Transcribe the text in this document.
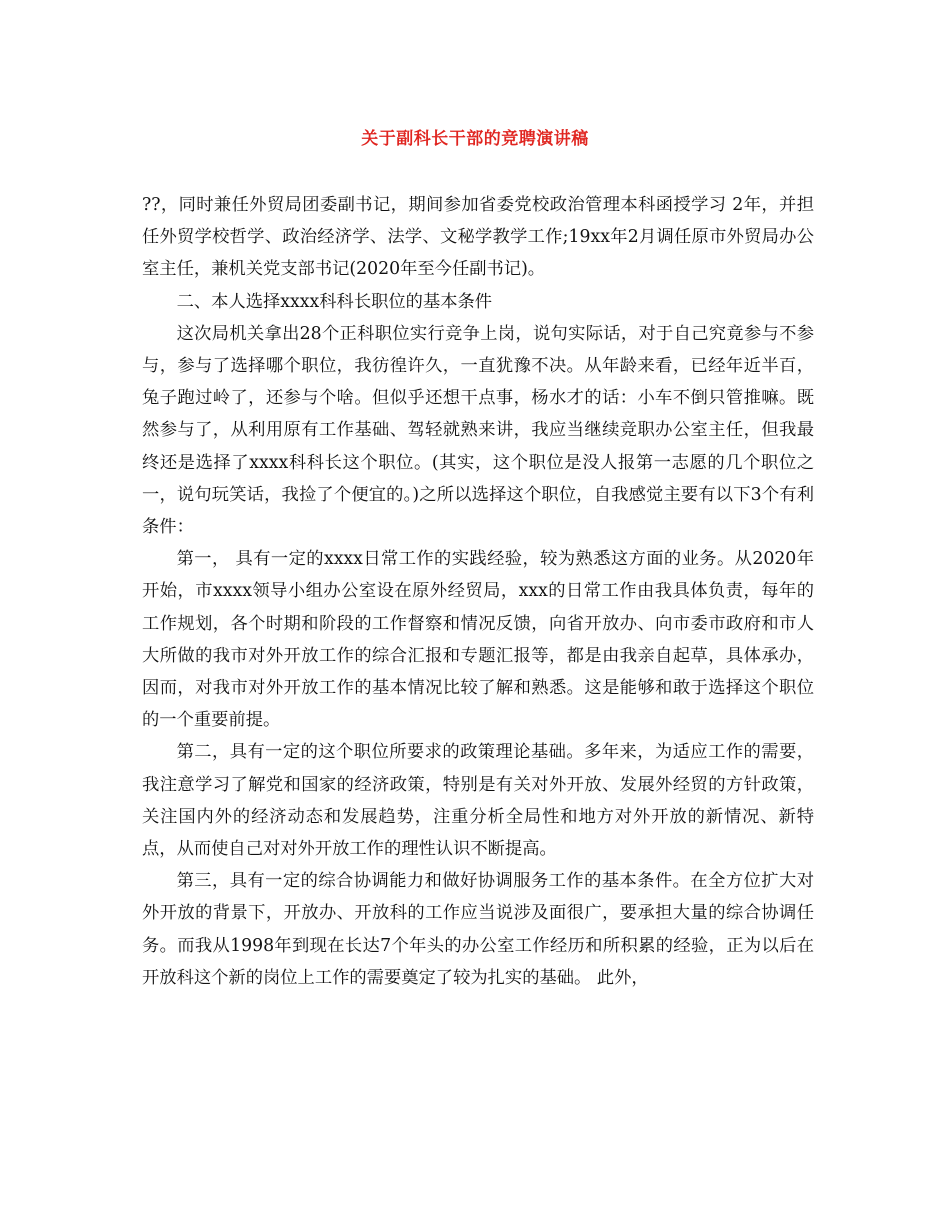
关于副科长干部的竞聘演讲稿

??，同时兼任外贸局团委副书记，期间参加省委党校政治管理本科函授学习 2年，并担任外贸学校哲学、政治经济学、法学、文秘学教学工作;19xx年2月调任原市外贸局办公室主任，兼机关党支部书记(2020年至今任副书记)。

二、本人选择xxxx科科长职位的基本条件

这次局机关拿出28个正科职位实行竞争上岗，说句实际话，对于自己究竟参与不参与，参与了选择哪个职位，我彷徨许久，一直犹豫不决。从年龄来看，已经年近半百，兔子跑过岭了，还参与个啥。但似乎还想干点事，杨水才的话：小车不倒只管推嘛。既然参与了，从利用原有工作基础、驾轻就熟来讲，我应当继续竞职办公室主任，但我最终还是选择了xxxx科科长这个职位。(其实，这个职位是没人报第一志愿的几个职位之一，说句玩笑话，我捡了个便宜的。)之所以选择这个职位，自我感觉主要有以下3个有利条件：

第一， 具有一定的xxxx日常工作的实践经验，较为熟悉这方面的业务。从2020年开始，市xxxx领导小组办公室设在原外经贸局，xxx的日常工作由我具体负责，每年的工作规划，各个时期和阶段的工作督察和情况反馈，向省开放办、向市委市政府和市人大所做的我市对外开放工作的综合汇报和专题汇报等，都是由我亲自起草，具体承办，因而，对我市对外开放工作的基本情况比较了解和熟悉。这是能够和敢于选择这个职位的一个重要前提。

第二，具有一定的这个职位所要求的政策理论基础。多年来，为适应工作的需要，我注意学习了解党和国家的经济政策，特别是有关对外开放、发展外经贸的方针政策，关注国内外的经济动态和发展趋势，注重分析全局性和地方对外开放的新情况、新特点，从而使自己对对外开放工作的理性认识不断提高。

第三，具有一定的综合协调能力和做好协调服务工作的基本条件。在全方位扩大对外开放的背景下，开放办、开放科的工作应当说涉及面很广，要承担大量的综合协调任务。而我从1998年到现在长达7个年头的办公室工作经历和所积累的经验，正为以后在开放科这个新的岗位上工作的需要奠定了较为扎实的基础。 此外，
